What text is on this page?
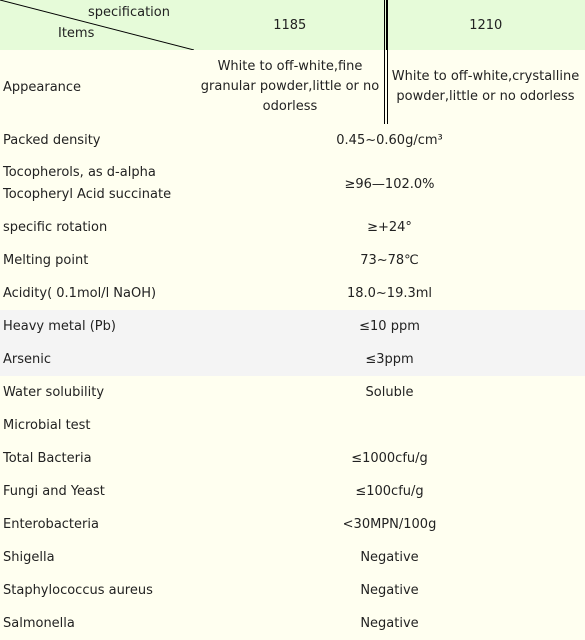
specification
Items	1185	1210
Appearance	White to off-white,fine granular powder,little or no odorless	White to off-white,crystalline powder,little or no odorless
Packed density	0.45~0.60g/cm³	
Tocopherols, as d-alpha Tocopheryl Acid succinate	≥96—102.0%	
specific rotation	≥+24°	
Melting point	73~78℃	
Acidity( 0.1mol/l NaOH)	18.0~19.3ml	
Heavy metal (Pb)	≤10 ppm	
Arsenic	≤3ppm	
Water solubility	Soluble	
Microbial test		
Total Bacteria	≤1000cfu/g	
Fungi and Yeast	≤100cfu/g	
Enterobacteria	<30MPN/100g	
Shigella	Negative	
Staphylococcus aureus	Negative	
Salmonella	Negative	
